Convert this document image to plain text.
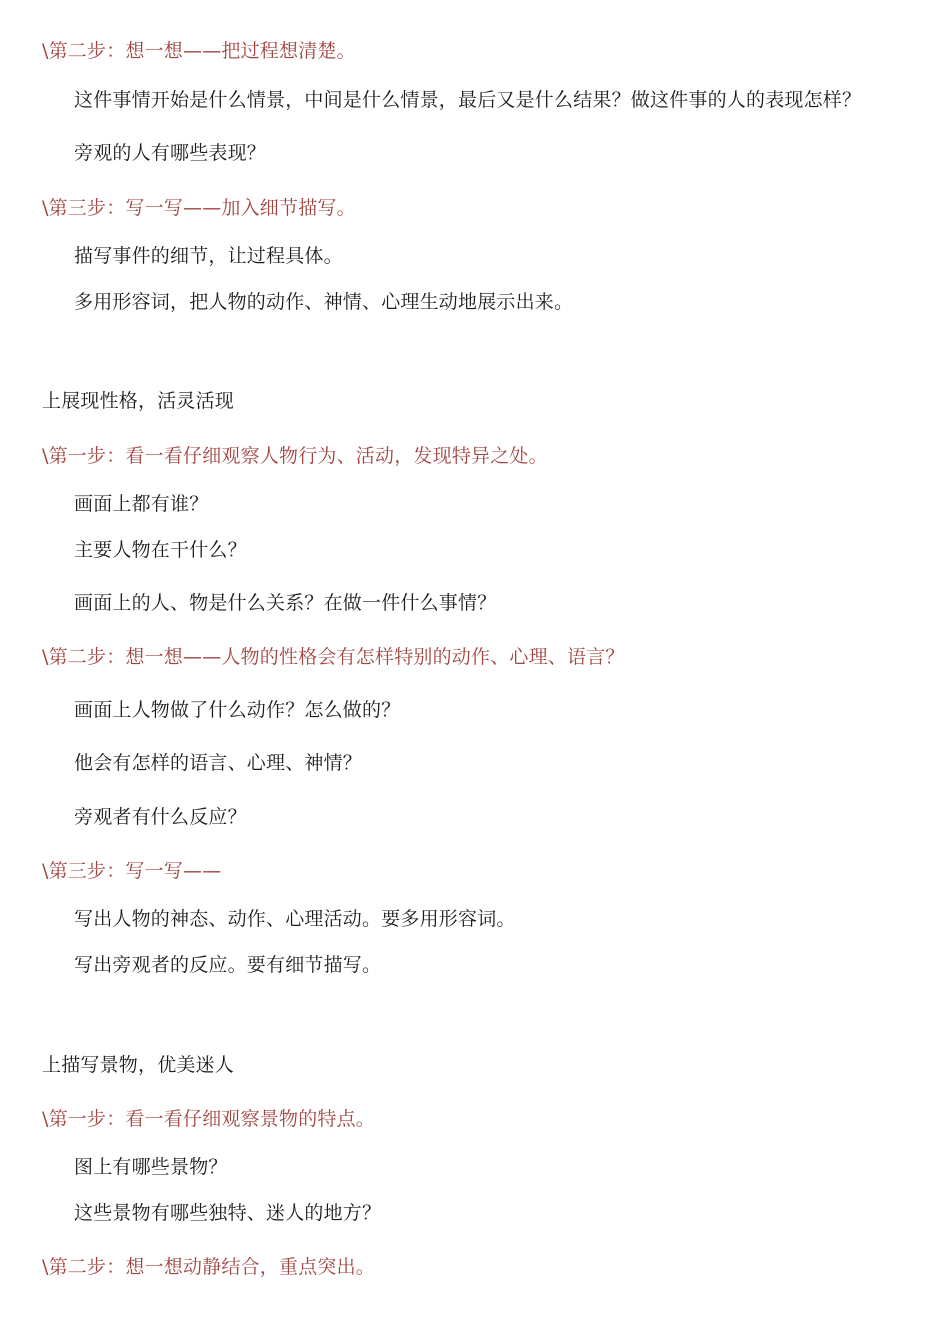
\第二步：想一想——把过程想清楚。
这件事情开始是什么情景，中间是什么情景，最后又是什么结果？做这件事的人的表现怎样？
旁观的人有哪些表现？
\第三步：写一写——加入细节描写。
描写事件的细节，让过程具体。
多用形容词，把人物的动作、神情、心理生动地展示出来。
上展现性格，活灵活现
\第一步：看一看仔细观察人物行为、活动，发现特异之处。
画面上都有谁？
主要人物在干什么？
画面上的人、物是什么关系？在做一件什么事情？
\第二步：想一想——人物的性格会有怎样特别的动作、心理、语言？
画面上人物做了什么动作？怎么做的？
他会有怎样的语言、心理、神情？
旁观者有什么反应？
\第三步：写一写——
写出人物的神态、动作、心理活动。要多用形容词。
写出旁观者的反应。要有细节描写。
上描写景物，优美迷人
\第一步：看一看仔细观察景物的特点。
图上有哪些景物？
这些景物有哪些独特、迷人的地方？
\第二步：想一想动静结合，重点突出。
